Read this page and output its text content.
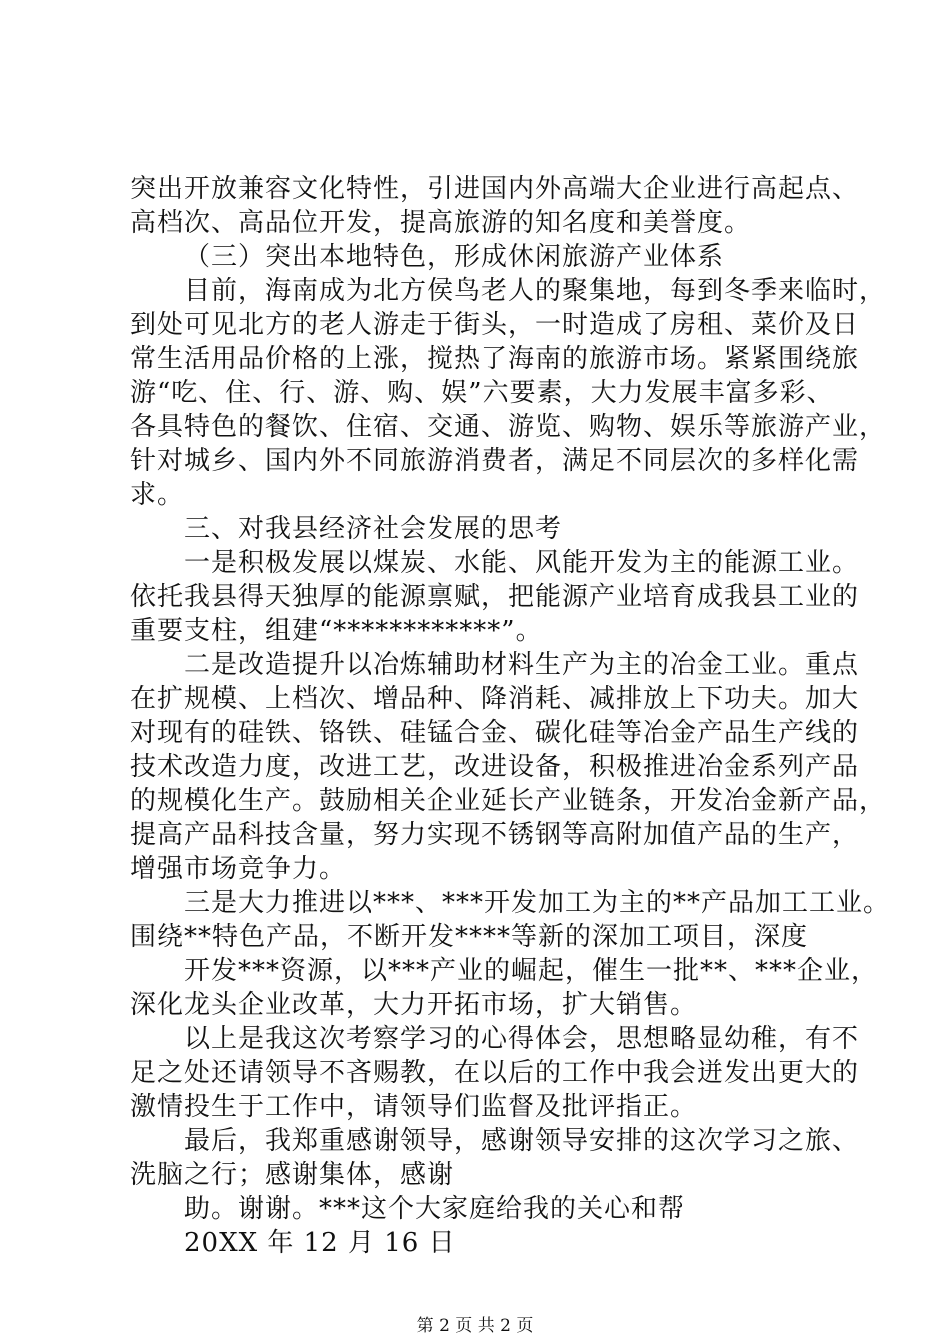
突出开放兼容文化特性，引进国内外高端大企业进行高起点、
高档次、高品位开发，提高旅游的知名度和美誉度。
（三）突出本地特色，形成休闲旅游产业体系
目前，海南成为北方侯鸟老人的聚集地，每到冬季来临时，
到处可见北方的老人游走于街头，一时造成了房租、菜价及日
常生活用品价格的上涨，搅热了海南的旅游市场。紧紧围绕旅
游“吃、住、行、游、购、娱”六要素，大力发展丰富多彩、
各具特色的餐饮、住宿、交通、游览、购物、娱乐等旅游产业，
针对城乡、国内外不同旅游消费者，满足不同层次的多样化需
求。
三、对我县经济社会发展的思考
一是积极发展以煤炭、水能、风能开发为主的能源工业。
依托我县得天独厚的能源禀赋，把能源产业培育成我县工业的
重要支柱，组建“************”。
二是改造提升以冶炼辅助材料生产为主的冶金工业。重点
在扩规模、上档次、增品种、降消耗、减排放上下功夫。加大
对现有的硅铁、铬铁、硅锰合金、碳化硅等冶金产品生产线的
技术改造力度，改进工艺，改进设备，积极推进冶金系列产品
的规模化生产。鼓励相关企业延长产业链条，开发冶金新产品，
提高产品科技含量，努力实现不锈钢等高附加值产品的生产，
增强市场竞争力。
三是大力推进以***、***开发加工为主的**产品加工工业。
围绕**特色产品，不断开发****等新的深加工项目，深度
开发***资源，以***产业的崛起，催生一批**、***企业，
深化龙头企业改革，大力开拓市场，扩大销售。
以上是我这次考察学习的心得体会，思想略显幼稚，有不
足之处还请领导不吝赐教，在以后的工作中我会迸发出更大的
激情投生于工作中，请领导们监督及批评指正。
最后，我郑重感谢领导，感谢领导安排的这次学习之旅、
洗脑之行；感谢集体，感谢
助。谢谢。***这个大家庭给我的关心和帮
20XX 年 12 月 16 日
第 2 页 共 2 页
